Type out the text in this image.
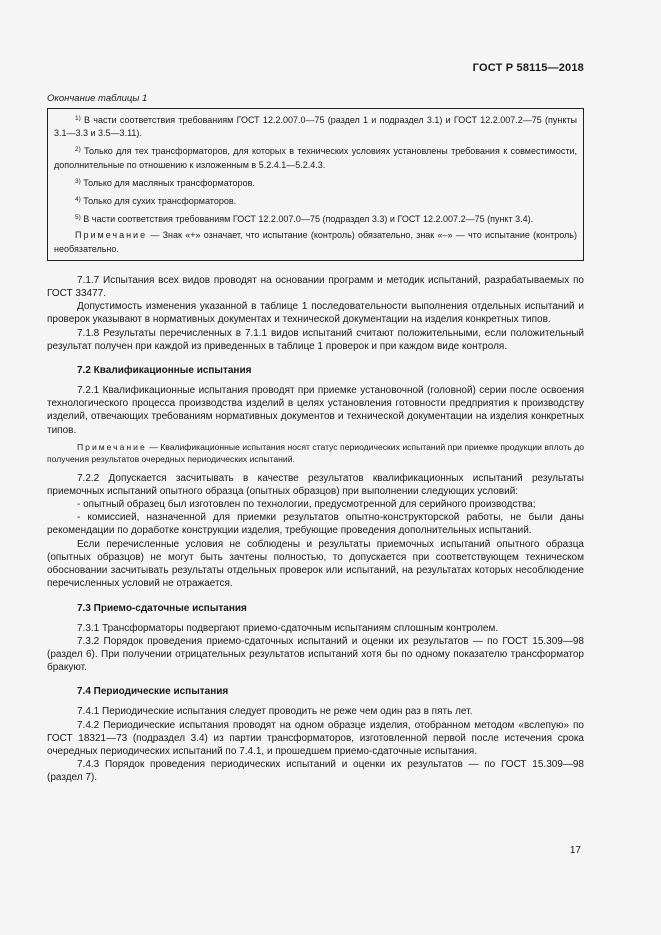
ГОСТ Р 58115—2018
Окончание таблицы 1

$^{1)}$ В части соответствия требованиям ГОСТ 12.2.007.0—75 (раздел 1 и подраздел 3.1) и ГОСТ 12.2.007.2—75 (пункты 3.1—3.3 и 3.5—3.11).

$^{2)}$ Только для тех трансформаторов, для которых в технических условиях установлены требования к совместимости, дополнительные по отношению к изложенным в 5.2.4.1—5.2.4.3.

$^{3)}$ Только для масляных трансформаторов.

$^{4)}$ Только для сухих трансформаторов.

$^{5)}$ В части соответствия требованиям ГОСТ 12.2.007.0—75 (подраздел 3.3) и ГОСТ 12.2.007.2—75 (пункт 3.4).

Примечание — Знак «+» означает, что испытание (контроль) обязательно, знак «–» — что испытание (контроль) необязательно.

7.1.7 Испытания всех видов проводят на основании программ и методик испытаний, разрабатываемых по ГОСТ 33477.

Допустимость изменения указанной в таблице 1 последовательности выполнения отдельных испытаний и проверок указывают в нормативных документах и технической документации на изделия конкретных типов.

7.1.8 Результаты перечисленных в 7.1.1 видов испытаний считают положительными, если положительный результат получен при каждой из приведенных в таблице 1 проверок и при каждом виде контроля.

7.2 Квалификационные испытания

7.2.1 Квалификационные испытания проводят при приемке установочной (головной) серии после освоения технологического процесса производства изделий в целях установления готовности предприятия к производству изделий, отвечающих требованиям нормативных документов и технической документации на изделия конкретных типов.

Примечание — Квалификационные испытания носят статус периодических испытаний при приемке продукции вплоть до получения результатов очередных периодических испытаний.

7.2.2 Допускается засчитывать в качестве результатов квалификационных испытаний результаты приемочных испытаний опытного образца (опытных образцов) при выполнении следующих условий:

- опытный образец был изготовлен по технологии, предусмотренной для серийного производства;

- комиссией, назначенной для приемки результатов опытно-конструкторской работы, не были даны рекомендации по доработке конструкции изделия, требующие проведения дополнительных испытаний.

Если перечисленные условия не соблюдены и результаты приемочных испытаний опытного образца (опытных образцов) не могут быть зачтены полностью, то допускается при соответствующем техническом обосновании засчитывать результаты отдельных проверок или испытаний, на результатах которых несоблюдение перечисленных условий не отражается.

7.3 Приемо-сдаточные испытания

7.3.1 Трансформаторы подвергают приемо-сдаточным испытаниям сплошным контролем.

7.3.2 Порядок проведения приемо-сдаточных испытаний и оценки их результатов — по ГОСТ 15.309—98 (раздел 6). При получении отрицательных результатов испытаний хотя бы по одному показателю трансформатор бракуют.

7.4 Периодические испытания

7.4.1 Периодические испытания следует проводить не реже чем один раз в пять лет.

7.4.2 Периодические испытания проводят на одном образце изделия, отобранном методом «вслепую» по ГОСТ 18321—73 (подраздел 3.4) из партии трансформаторов, изготовленной первой после истечения срока очередных периодических испытаний по 7.4.1, и прошедшем приемо-сдаточные испытания.

7.4.3 Порядок проведения периодических испытаний и оценки их результатов — по ГОСТ 15.309—98 (раздел 7).

17
